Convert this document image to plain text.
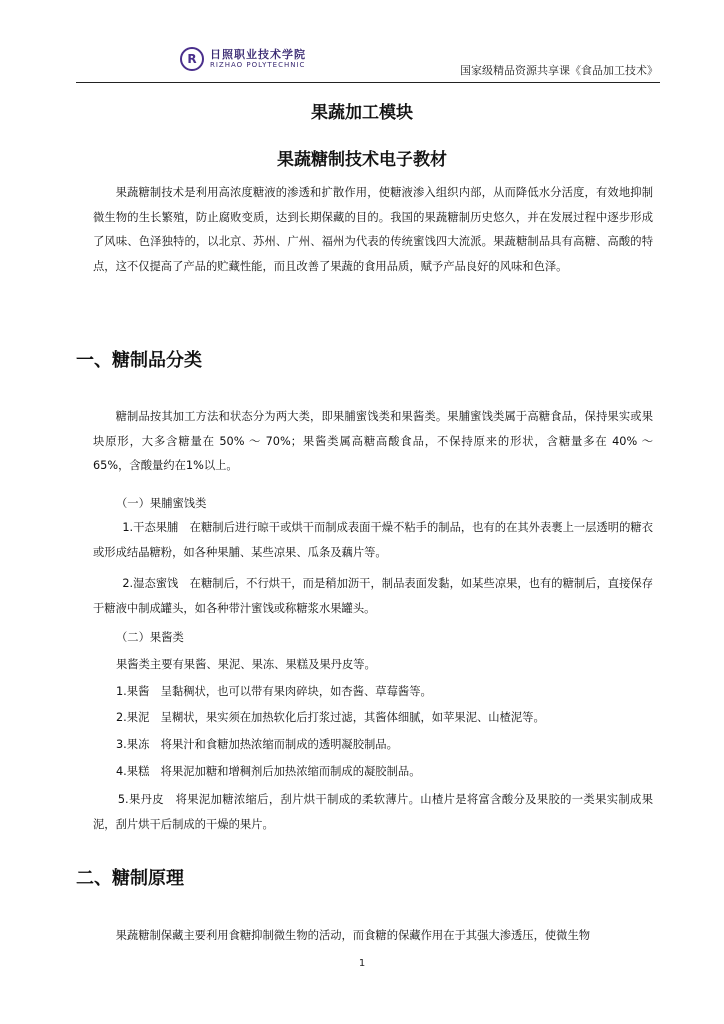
R	日照职业技术学院
RIZHAO POLYTECHNIC	国家级精品资源共享课《食品加工技术》
果蔬加工模块
果蔬糖制技术电子教材

果蔬糖制技术是利用高浓度糖液的渗透和扩散作用，使糖液渗入组织内部，从而降低水分活度，有效地抑制微生物的生长繁殖，防止腐败变质，达到长期保藏的目的。我国的果蔬糖制历史悠久，并在发展过程中逐步形成了风味、色泽独特的，以北京、苏州、广州、福州为代表的传统蜜饯四大流派。果蔬糖制品具有高糖、高酸的特点，这不仅提高了产品的贮藏性能，而且改善了果蔬的食用品质，赋予产品良好的风味和色泽。

一、糖制品分类

糖制品按其加工方法和状态分为两大类，即果脯蜜饯类和果酱类。果脯蜜饯类属于高糖食品，保持果实或果块原形，大多含糖量在 50% ～ 70%；果酱类属高糖高酸食品，不保持原来的形状，含糖量多在 40% ～ 65%，含酸量约在1%以上。

（一）果脯蜜饯类

1.干态果脯　在糖制后进行晾干或烘干而制成表面干燥不粘手的制品，也有的在其外表裹上一层透明的糖衣或形成结晶糖粉，如各种果脯、某些凉果、瓜条及藕片等。

2.湿态蜜饯　在糖制后，不行烘干，而是稍加沥干，制品表面发黏，如某些凉果，也有的糖制后，直接保存于糖液中制成罐头，如各种带汁蜜饯或称糖浆水果罐头。

（二）果酱类

果酱类主要有果酱、果泥、果冻、果糕及果丹皮等。

1.果酱　呈黏稠状，也可以带有果肉碎块，如杏酱、草莓酱等。

2.果泥　呈糊状，果实须在加热软化后打浆过滤，其酱体细腻，如苹果泥、山楂泥等。

3.果冻　将果汁和食糖加热浓缩而制成的透明凝胶制品。

4.果糕　将果泥加糖和增稠剂后加热浓缩而制成的凝胶制品。

5.果丹皮　将果泥加糖浓缩后，刮片烘干制成的柔软薄片。山楂片是将富含酸分及果胶的一类果实制成果泥，刮片烘干后制成的干燥的果片。

二、糖制原理

果蔬糖制保藏主要利用食糖抑制微生物的活动，而食糖的保藏作用在于其强大渗透压，使微生物

1
